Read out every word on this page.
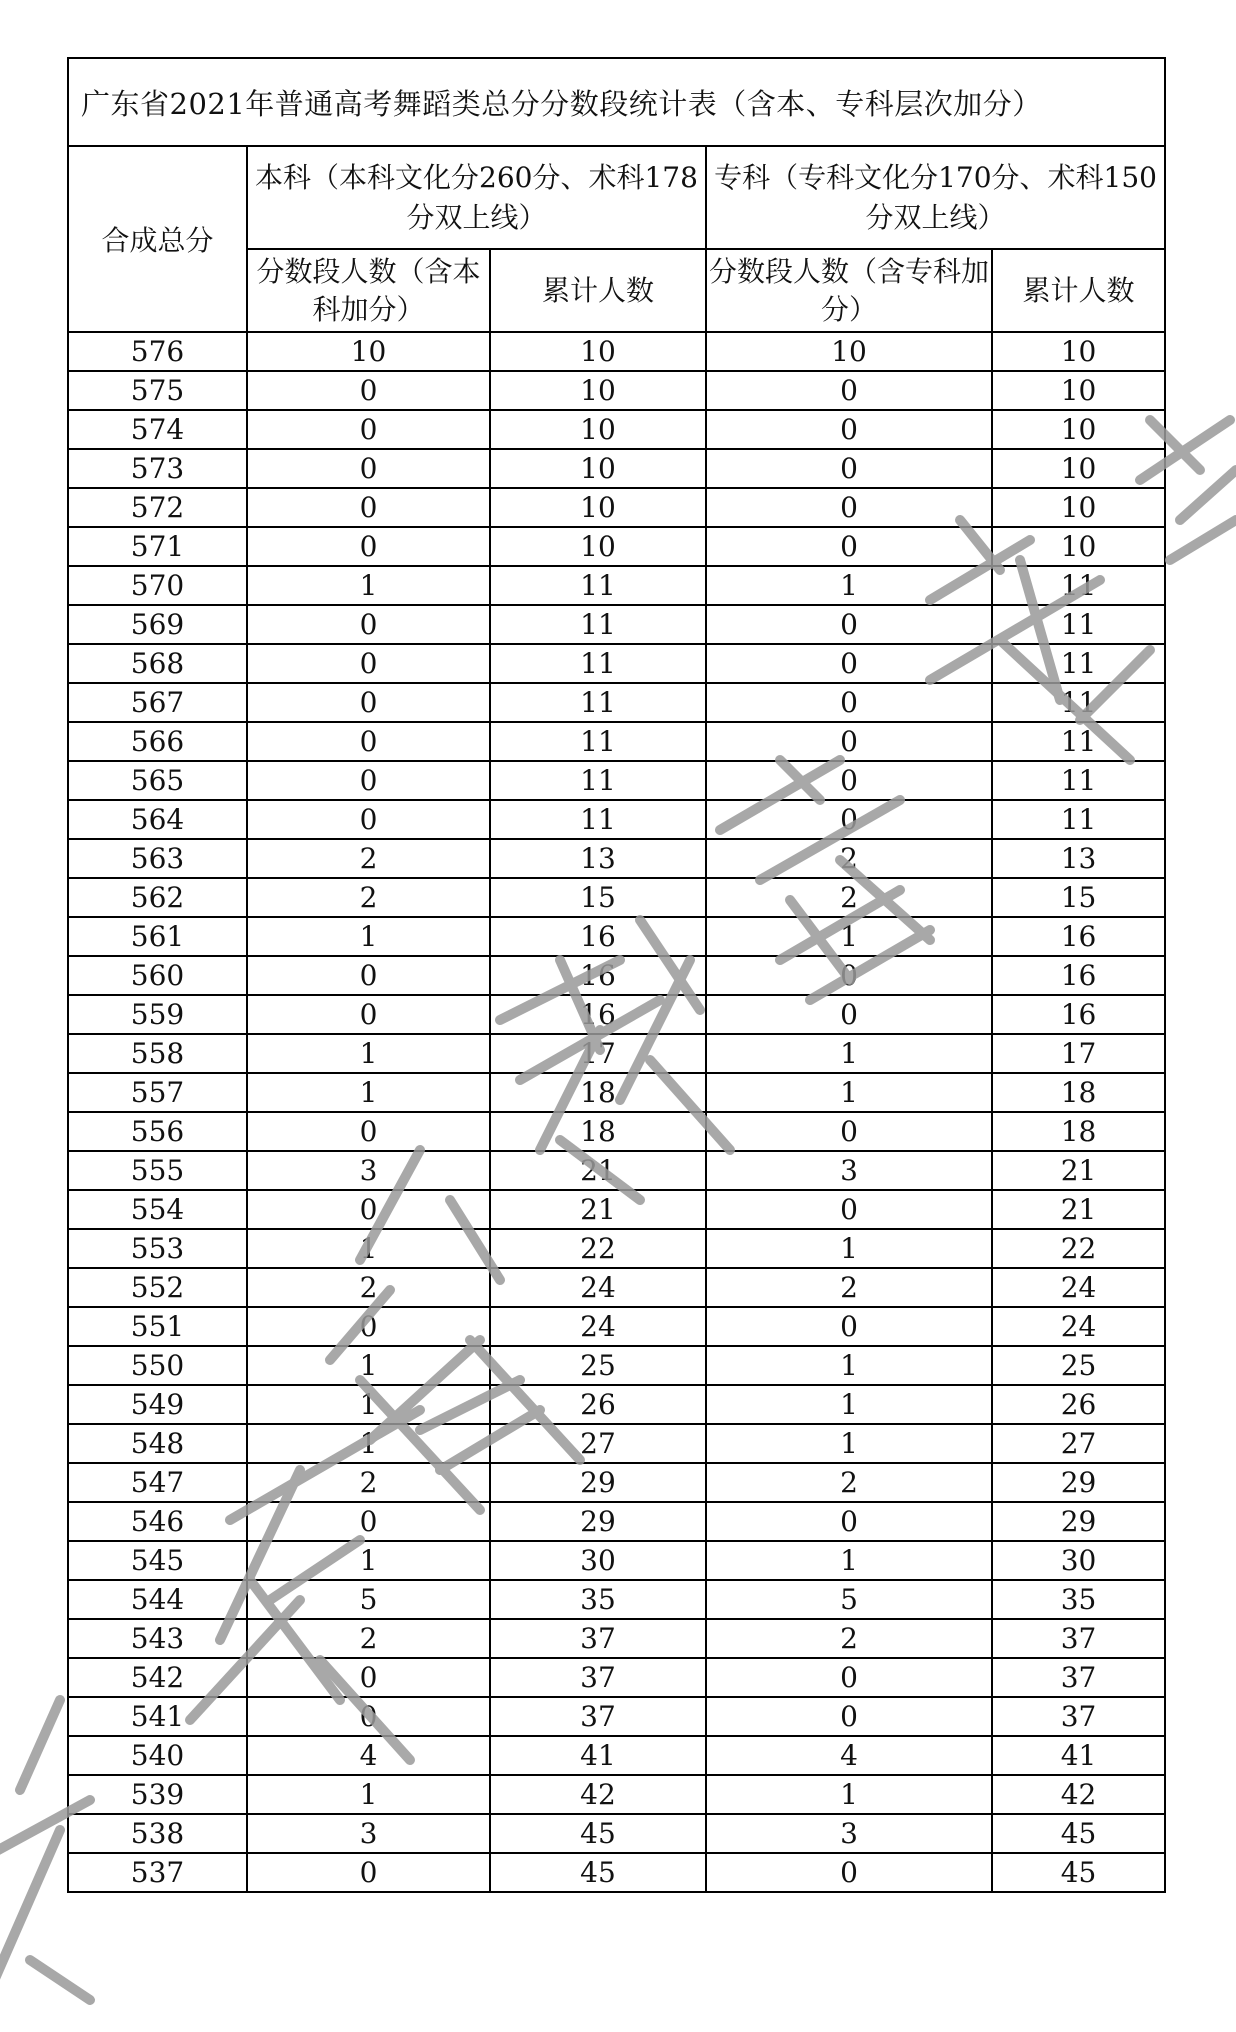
广东省2021年普通高考舞蹈类总分分数段统计表（含本、专科层次加分）				
合成总分	本科（本科文化分260分、术科178分双上线）		专科（专科文化分170分、术科150分双上线）	
	分数段人数（含本科加分）	累计人数	分数段人数（含专科加分）	累计人数
576	10	10	10	10
575	0	10	0	10
574	0	10	0	10
573	0	10	0	10
572	0	10	0	10
571	0	10	0	10
570	1	11	1	11
569	0	11	0	11
568	0	11	0	11
567	0	11	0	11
566	0	11	0	11
565	0	11	0	11
564	0	11	0	11
563	2	13	2	13
562	2	15	2	15
561	1	16	1	16
560	0	16	0	16
559	0	16	0	16
558	1	17	1	17
557	1	18	1	18
556	0	18	0	18
555	3	21	3	21
554	0	21	0	21
553	1	22	1	22
552	2	24	2	24
551	0	24	0	24
550	1	25	1	25
549	1	26	1	26
548	1	27	1	27
547	2	29	2	29
546	0	29	0	29
545	1	30	1	30
544	5	35	5	35
543	2	37	2	37
542	0	37	0	37
541	0	37	0	37
540	4	41	4	41
539	1	42	1	42
538	3	45	3	45
537	0	45	0	45
